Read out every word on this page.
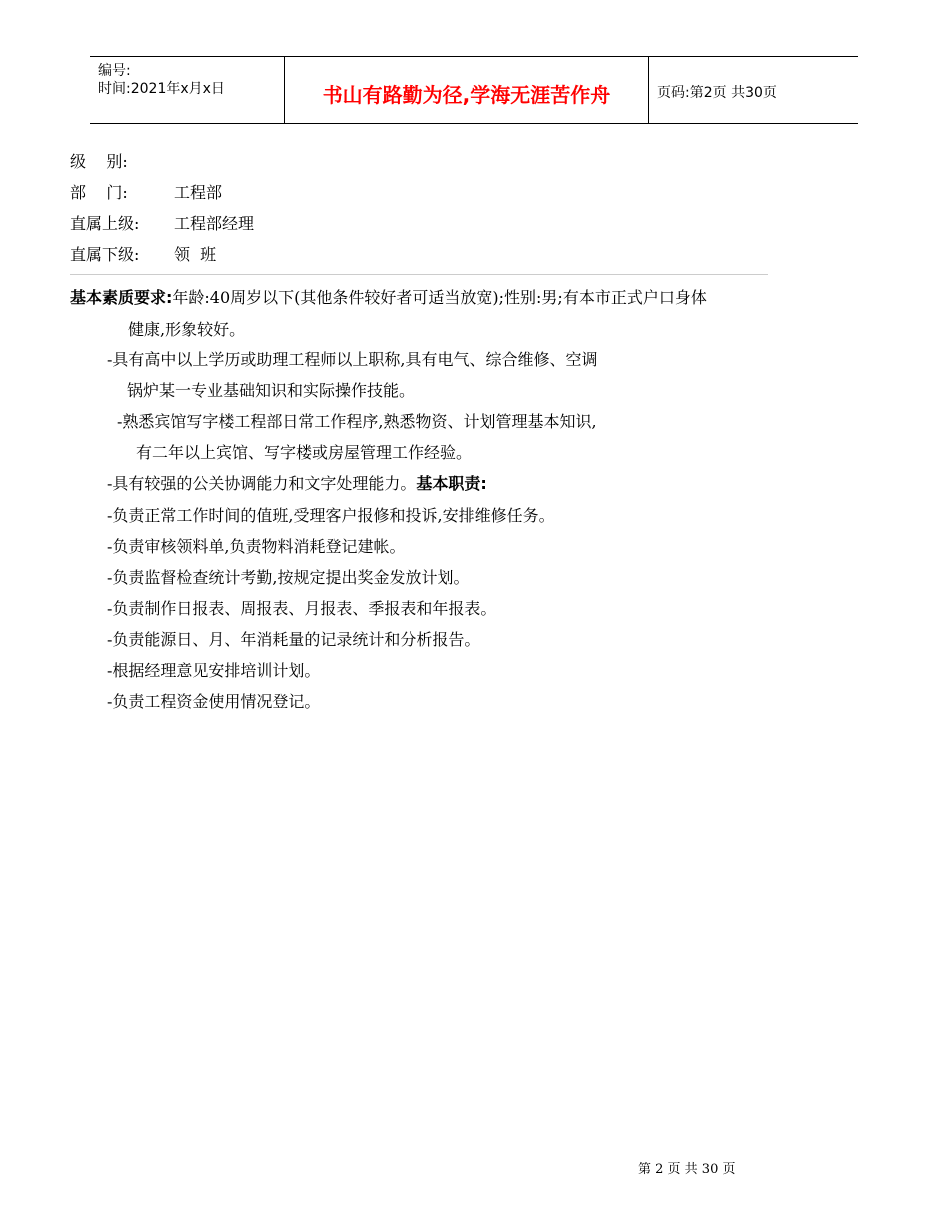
编号:
时间:2021年x月x日	书山有路勤为径,学海无涯苦作舟	页码:第2页 共30页
级    别:
部    门:	工程部
直属上级: 工程部经理
直属下级: 领  班
基本素质要求:年龄:40周岁以下(其他条件较好者可适当放宽);性别:男;有本市正式户口身体
健康,形象较好。
-具有高中以上学历或助理工程师以上职称,具有电气、综合维修、空调
锅炉某一专业基础知识和实际操作技能。
-熟悉宾馆写字楼工程部日常工作程序,熟悉物资、计划管理基本知识,
有二年以上宾馆、写字楼或房屋管理工作经验。
-具有较强的公关协调能力和文字处理能力。基本职责:
-负责正常工作时间的值班,受理客户报修和投诉,安排维修任务。
-负责审核领料单,负责物料消耗登记建帐。
-负责监督检查统计考勤,按规定提出奖金发放计划。
-负责制作日报表、周报表、月报表、季报表和年报表。
-负责能源日、月、年消耗量的记录统计和分析报告。
-根据经理意见安排培训计划。
-负责工程资金使用情况登记。
第 2 页 共 30 页
